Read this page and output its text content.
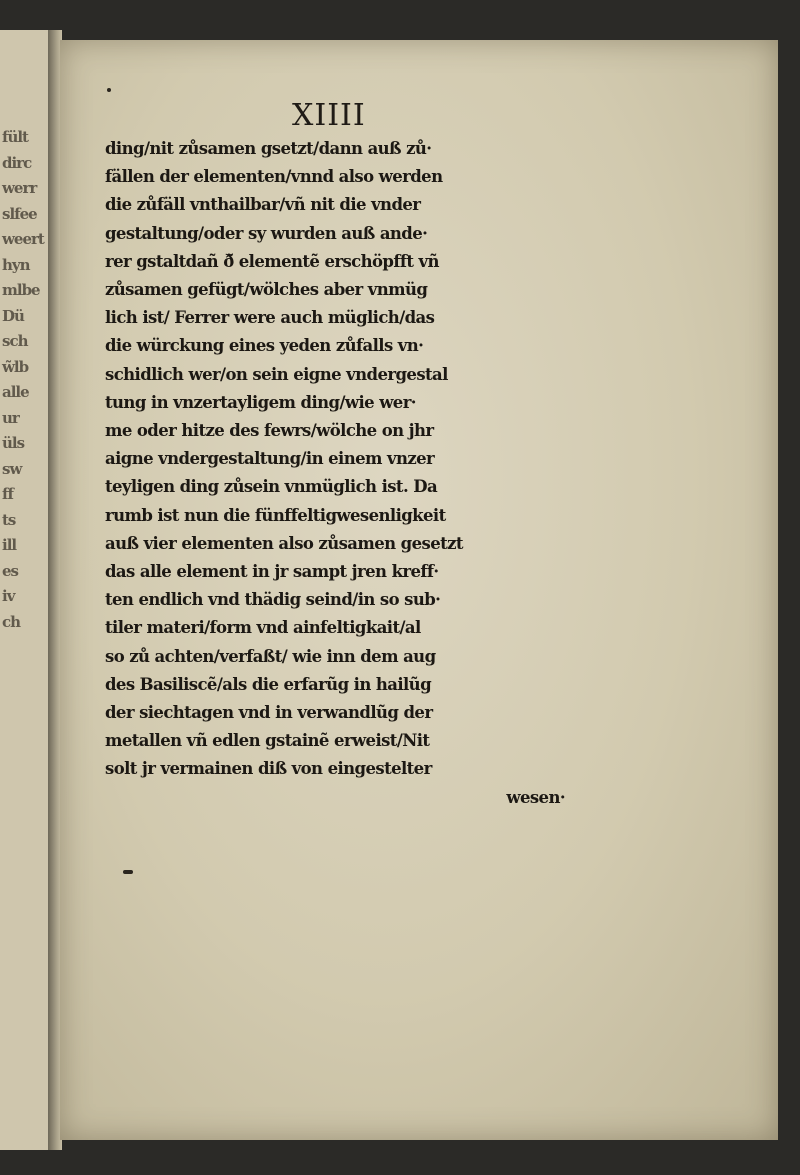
fült
dirc
werr
slfee
weert
hyn
mlbe
Dü
sch
w̃lb
alle
ur
üls
sw
ff
ts
ill
es
iv
ch
XIIII
ding/nit zůsamen gsetzt/dann auß zů·
fällen der elementen/vnnd also werden
die zůfäll vnthailbar/vñ nit die vnder
gestaltung/oder sy wurden auß ande·
rer gstaltdañ ð̃ elementẽ erschöpfft vñ
zůsamen gefügt/wölches aber vnmüg
lich ist/ Ferrer were auch müglich/das
die würckung eines yeden zůfalls vn·
schidlich wer/on sein eigne vndergestal
tung in vnzertayligem ding/wie wer·
me oder hitze des fewrs/wölche on jhr
aigne vndergestaltung/in einem vnzer
teyligen ding zůsein vnmüglich ist. Da
rumb ist nun die fünffeltigwesenligkeit
auß vier elementen also zůsamen gesetzt
das alle element in jr sampt jren kreff·
ten endlich vnd thädig seind/in so sub·
tiler materi/form vnd ainfeltigkait/al
so zů achten/verfaßt/ wie inn dem aug
des Basiliscẽ/als die erfarũg in hailũg
der siechtagen vnd in verwandlũg der
metallen vñ edlen gstainẽ erweist/Nit
solt jr vermainen diß von eingestelter
wesen·
